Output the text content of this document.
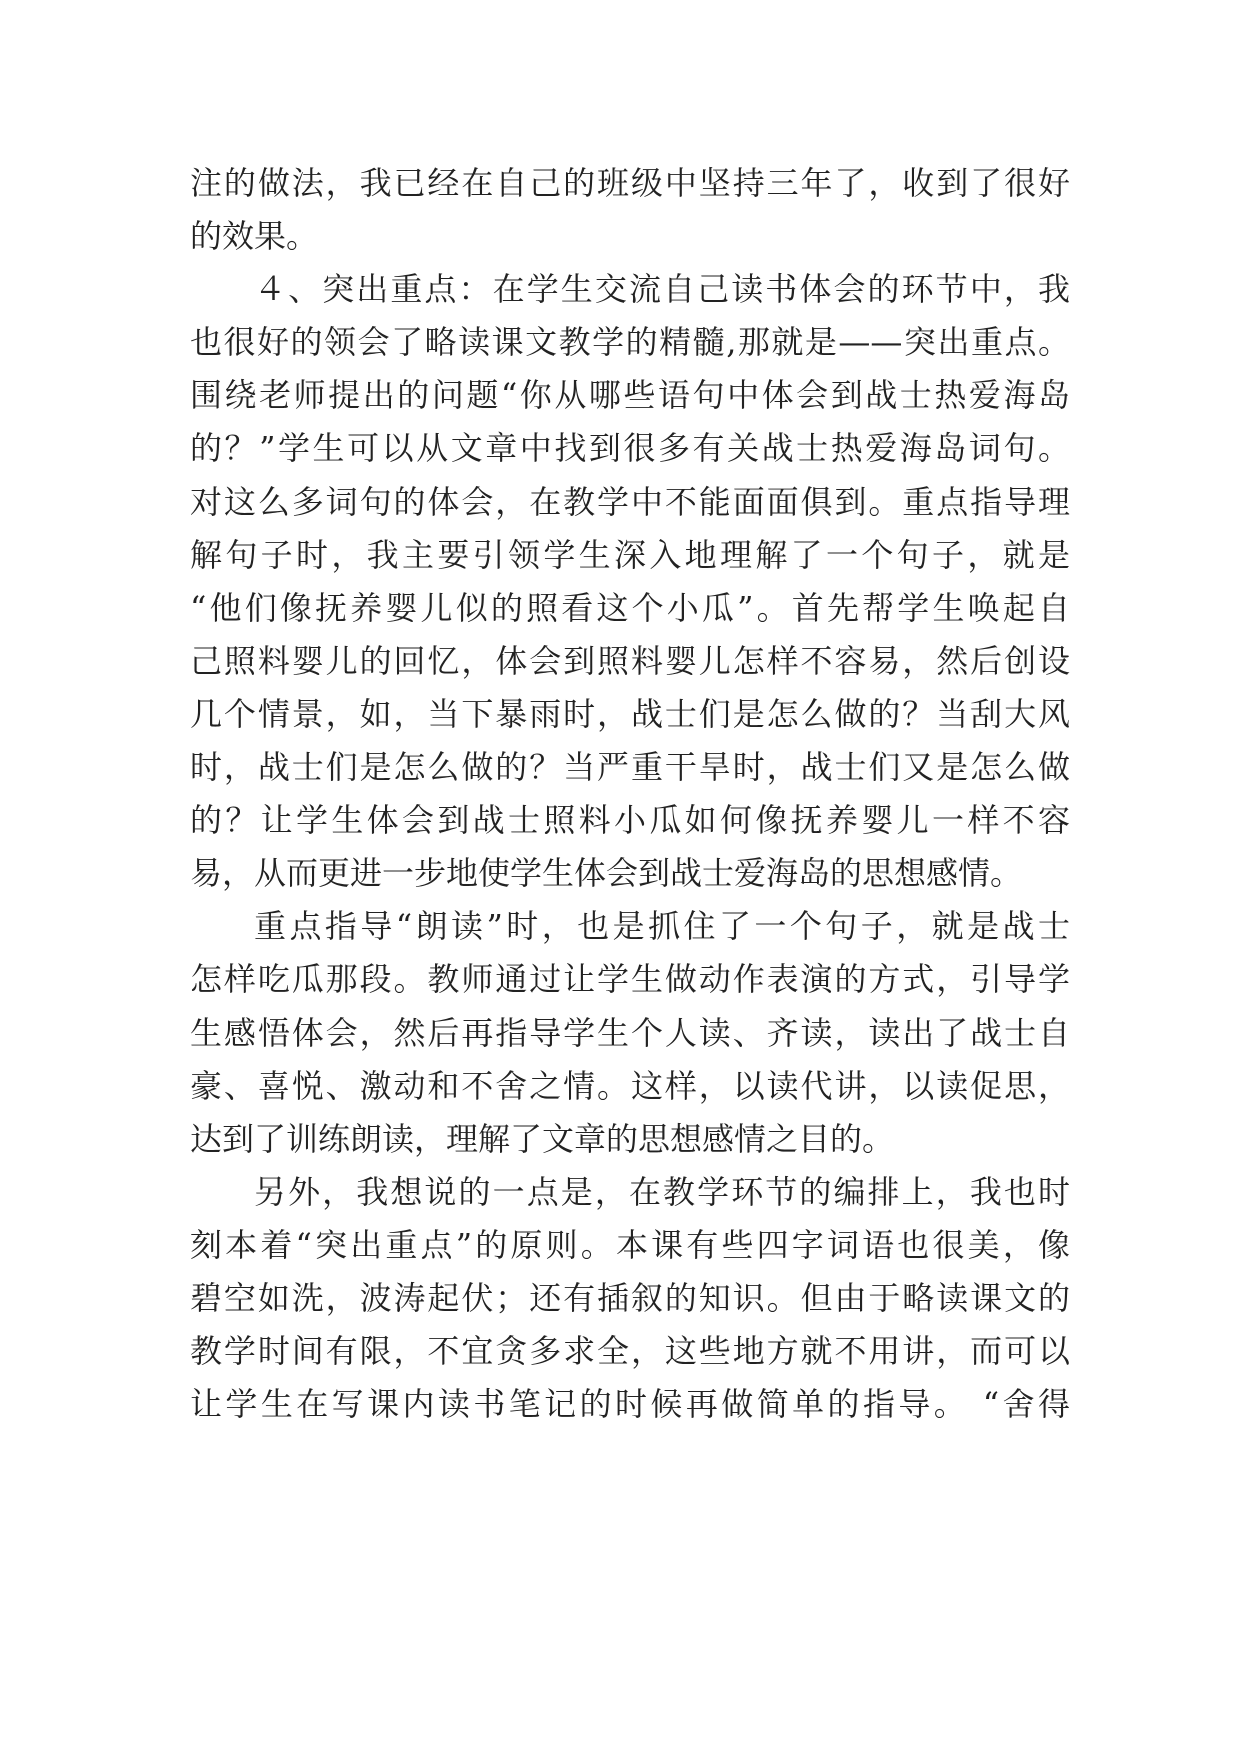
注的做法，我已经在自己的班级中坚持三年了，收到了很好
的效果。
４、突出重点：在学生交流自己读书体会的环节中，我
也很好的领会了略读课文教学的精髓,那就是——突出重点。
围绕老师提出的问题“你从哪些语句中体会到战士热爱海岛
的？”学生可以从文章中找到很多有关战士热爱海岛词句。
对这么多词句的体会，在教学中不能面面俱到。重点指导理
解句子时，我主要引领学生深入地理解了一个句子，就是
“他们像抚养婴儿似的照看这个小瓜”。首先帮学生唤起自
己照料婴儿的回忆，体会到照料婴儿怎样不容易，然后创设
几个情景，如，当下暴雨时，战士们是怎么做的？当刮大风
时，战士们是怎么做的？当严重干旱时，战士们又是怎么做
的？让学生体会到战士照料小瓜如何像抚养婴儿一样不容
易，从而更进一步地使学生体会到战士爱海岛的思想感情。
重点指导“朗读”时，也是抓住了一个句子，就是战士
怎样吃瓜那段。教师通过让学生做动作表演的方式，引导学
生感悟体会，然后再指导学生个人读、齐读，读出了战士自
豪、喜悦、激动和不舍之情。这样，以读代讲，以读促思，
达到了训练朗读，理解了文章的思想感情之目的。
另外，我想说的一点是，在教学环节的编排上，我也时
刻本着“突出重点”的原则。本课有些四字词语也很美，像
碧空如洗，波涛起伏；还有插叙的知识。但由于略读课文的
教学时间有限，不宜贪多求全，这些地方就不用讲，而可以
让学生在写课内读书笔记的时候再做简单的指导。 “舍得
